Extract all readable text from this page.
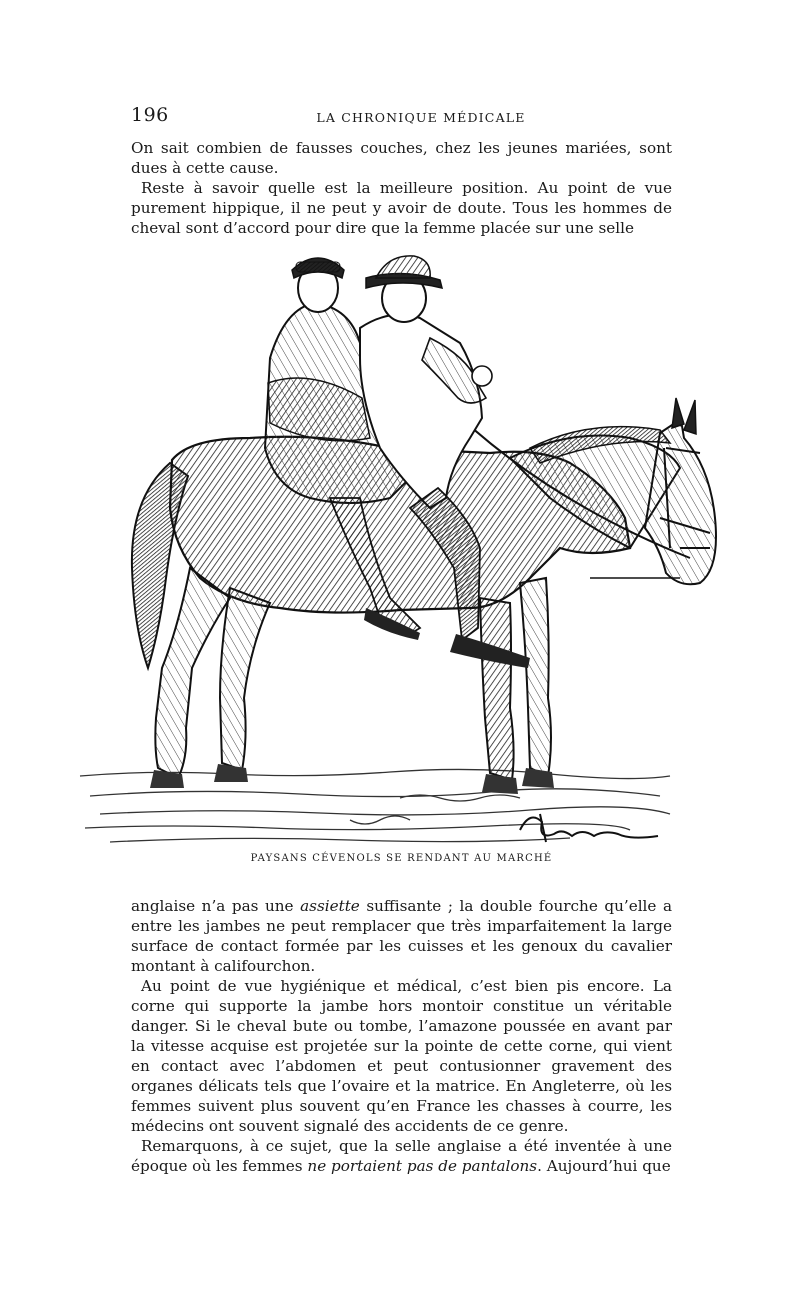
196	LA CHRONIQUE MÉDICALE

On sait combien de fausses couches, chez les jeunes mariées, sont dues à cette cause.

Reste à savoir quelle est la meilleure position. Au point de vue purement hippique, il ne peut y avoir de doute. Tous les hommes de cheval sont d’accord pour dire que la femme placée sur une selle

PAYSANS CÉVENOLS SE RENDANT AU MARCHÉ

anglaise n’a pas une assiette suffisante ; la double fourche qu’elle a entre les jambes ne peut remplacer que très imparfaitement la large surface de contact formée par les cuisses et les genoux du cavalier montant à califourchon.

Au point de vue hygiénique et médical, c’est bien pis encore. La corne qui supporte la jambe hors montoir constitue un véritable danger. Si le cheval bute ou tombe, l’amazone poussée en avant par la vitesse acquise est projetée sur la pointe de cette corne, qui vient en contact avec l’abdomen et peut contusionner gravement des organes délicats tels que l’ovaire et la matrice. En Angleterre, où les femmes suivent plus souvent qu’en France les chasses à courre, les médecins ont souvent signalé des accidents de ce genre.

Remarquons, à ce sujet, que la selle anglaise a été inventée à une époque où les femmes ne portaient pas de pantalons. Aujourd’hui que
